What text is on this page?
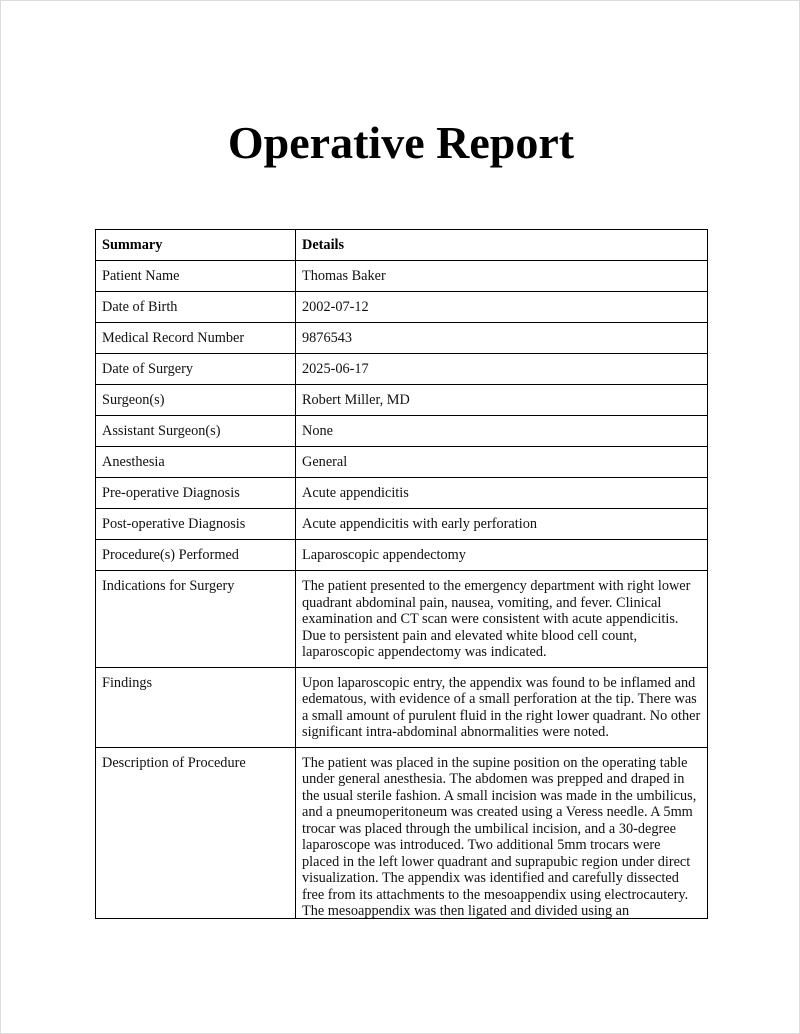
Operative Report
Summary	Details
Patient Name	Thomas Baker
Date of Birth	2002-07-12
Medical Record Number	9876543
Date of Surgery	2025-06-17
Surgeon(s)	Robert Miller, MD
Assistant Surgeon(s)	None
Anesthesia	General
Pre-operative Diagnosis	Acute appendicitis
Post-operative Diagnosis	Acute appendicitis with early perforation
Procedure(s) Performed	Laparoscopic appendectomy
Indications for Surgery	The patient presented to the emergency department with right lower quadrant abdominal pain, nausea, vomiting, and fever. Clinical examination and CT scan were consistent with acute appendicitis. Due to persistent pain and elevated white blood cell count, laparoscopic appendectomy was indicated.
Findings	Upon laparoscopic entry, the appendix was found to be inflamed and edematous, with evidence of a small perforation at the tip. There was a small amount of purulent fluid in the right lower quadrant. No other significant intra-abdominal abnormalities were noted.
Description of Procedure	The patient was placed in the supine position on the operating table under general anesthesia. The abdomen was prepped and draped in the usual sterile fashion. A small incision was made in the umbilicus, and a pneumoperitoneum was created using a Veress needle. A 5mm trocar was placed through the umbilical incision, and a 30-degree laparoscope was introduced. Two additional 5mm trocars were placed in the left lower quadrant and suprapubic region under direct visualization. The appendix was identified and carefully dissected free from its attachments to the mesoappendix using electrocautery. The mesoappendix was then ligated and divided using an
